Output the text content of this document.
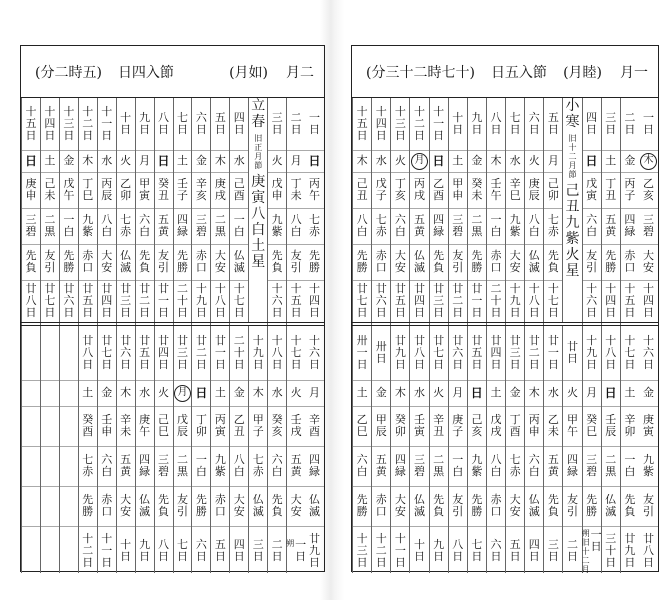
(分二時五) 日四入節	(月如) 月二
一
日
日
丙
午
七
赤
先
勝
十
四
日
二
日
月
丁
未
八
白
友
引
十
五
日
三
日
火
戊
申
九
紫
先
負
十
六
日
立
春
旧
正
月
節
庚
寅
八
白
土
星
四
日
水
己
酉
一
白
仏
滅
十
七
日
五
日
木
庚
戌
二
黒
大
安
十
八
日
六
日
金
辛
亥
三
碧
赤
口
十
九
日
七
日
土
壬
子
四
緑
先
勝
二
十
日
八
日
日
癸
丑
五
黄
友
引
廿
一
日
九
日
月
甲
寅
六
白
先
負
廿
二
日
十
日
火
乙
卯
七
赤
仏
滅
廿
三
日
十
一
日
水
丙
辰
八
白
大
安
廿
四
日
十
二
日
木
丁
巳
九
紫
赤
口
廿
五
日
十
三
日
金
戊
午
一
白
先
勝
廿
六
日
十
四
日
土
己
未
二
黒
友
引
廿
七
日
十
五
日
日
庚
申
三
碧
先
負
廿
八
日
十
六
日
月
辛
酉
四
緑
仏
滅
廿
九
日
十
七
日
火
壬
戌
五
黄
大
安
朔 一
日
十
八
日
水
癸
亥
六
白
先
負
二
日
十
九
日
木
甲
子
七
赤
仏
滅
三
日
二
十
日
金
乙
丑
八
白
大
安
四
日
廿
一
日
土
丙
寅
九
紫
赤
口
五
日
廿
二
日
日
丁
卯
一
白
先
勝
六
日
廿
三
日
月
戊
辰
二
黒
友
引
七
日
廿
四
日
火
己
巳
三
碧
先
負
八
日
廿
五
日
水
庚
午
四
緑
仏
滅
九
日
廿
六
日
木
辛
未
五
黄
大
安
十
日
廿
七
日
金
壬
申
六
白
赤
口
十
一
日
廿
八
日
土
癸
酉
七
赤
先
勝
十
二
日
(分三十二時七十) 日五入節 (月睦) 月一
一
日
木
乙
亥
三
碧
大
安
十
四
日
二
日
金
丙
子
四
緑
赤
口
十
五
日
三
日
土
丁
丑
五
黄
先
勝
十
四
日
四
日
日
戊
寅
六
白
友
引
十
六
日
小
寒
旧
十
二
月
節
己
丑
九
紫
火
星
五
日
月
己
卯
七
赤
先
負
十
七
日
六
日
火
庚
辰
八
白
仏
滅
十
八
日
七
日
水
辛
巳
九
紫
大
安
十
九
日
八
日
木
壬
午
一
白
赤
口
二
十
日
九
日
金
癸
未
二
黒
先
勝
廿
一
日
十
日
土
甲
申
三
碧
友
引
廿
二
日
十
一
日
日
乙
酉
四
緑
先
負
廿
三
日
十
二
日
月
丙
戌
五
黄
仏
滅
廿
四
日
十
三
日
火
丁
亥
六
白
大
安
廿
五
日
十
四
日
水
戊
子
七
赤
赤
口
廿
六
日
十
五
日
木
己
丑
八
白
先
勝
廿
七
日
十
六
日
金
庚
寅
九
紫
友
引
廿
八
日
十
七
日
土
辛
卯
一
白
先
負
廿
九
日
十
八
日
日
壬
辰
二
黒
仏
滅
三
十
日
十
九
日
月
癸
巳
三
碧
先
勝
朔
旧
十
二
月
一
日
廿
日
火
甲
午
四
緑
友
引
二
日
廿
一
日
水
乙
未
五
黄
先
負
三
日
廿
二
日
木
丙
申
六
白
仏
滅
四
日
廿
三
日
金
丁
酉
七
赤
大
安
五
日
廿
四
日
土
戊
戌
八
白
赤
口
六
日
廿
五
日
日
己
亥
九
紫
先
勝
七
日
廿
六
日
月
庚
子
一
白
友
引
八
日
廿
七
日
火
辛
丑
二
黒
先
負
九
日
廿
八
日
水
壬
寅
三
碧
仏
滅
十
日
廿
九
日
木
癸
卯
四
緑
大
安
十
一
日
卅
日
金
甲
辰
五
黄
赤
口
十
二
日
卅
一
日
土
乙
巳
六
白
先
勝
十
三
日
